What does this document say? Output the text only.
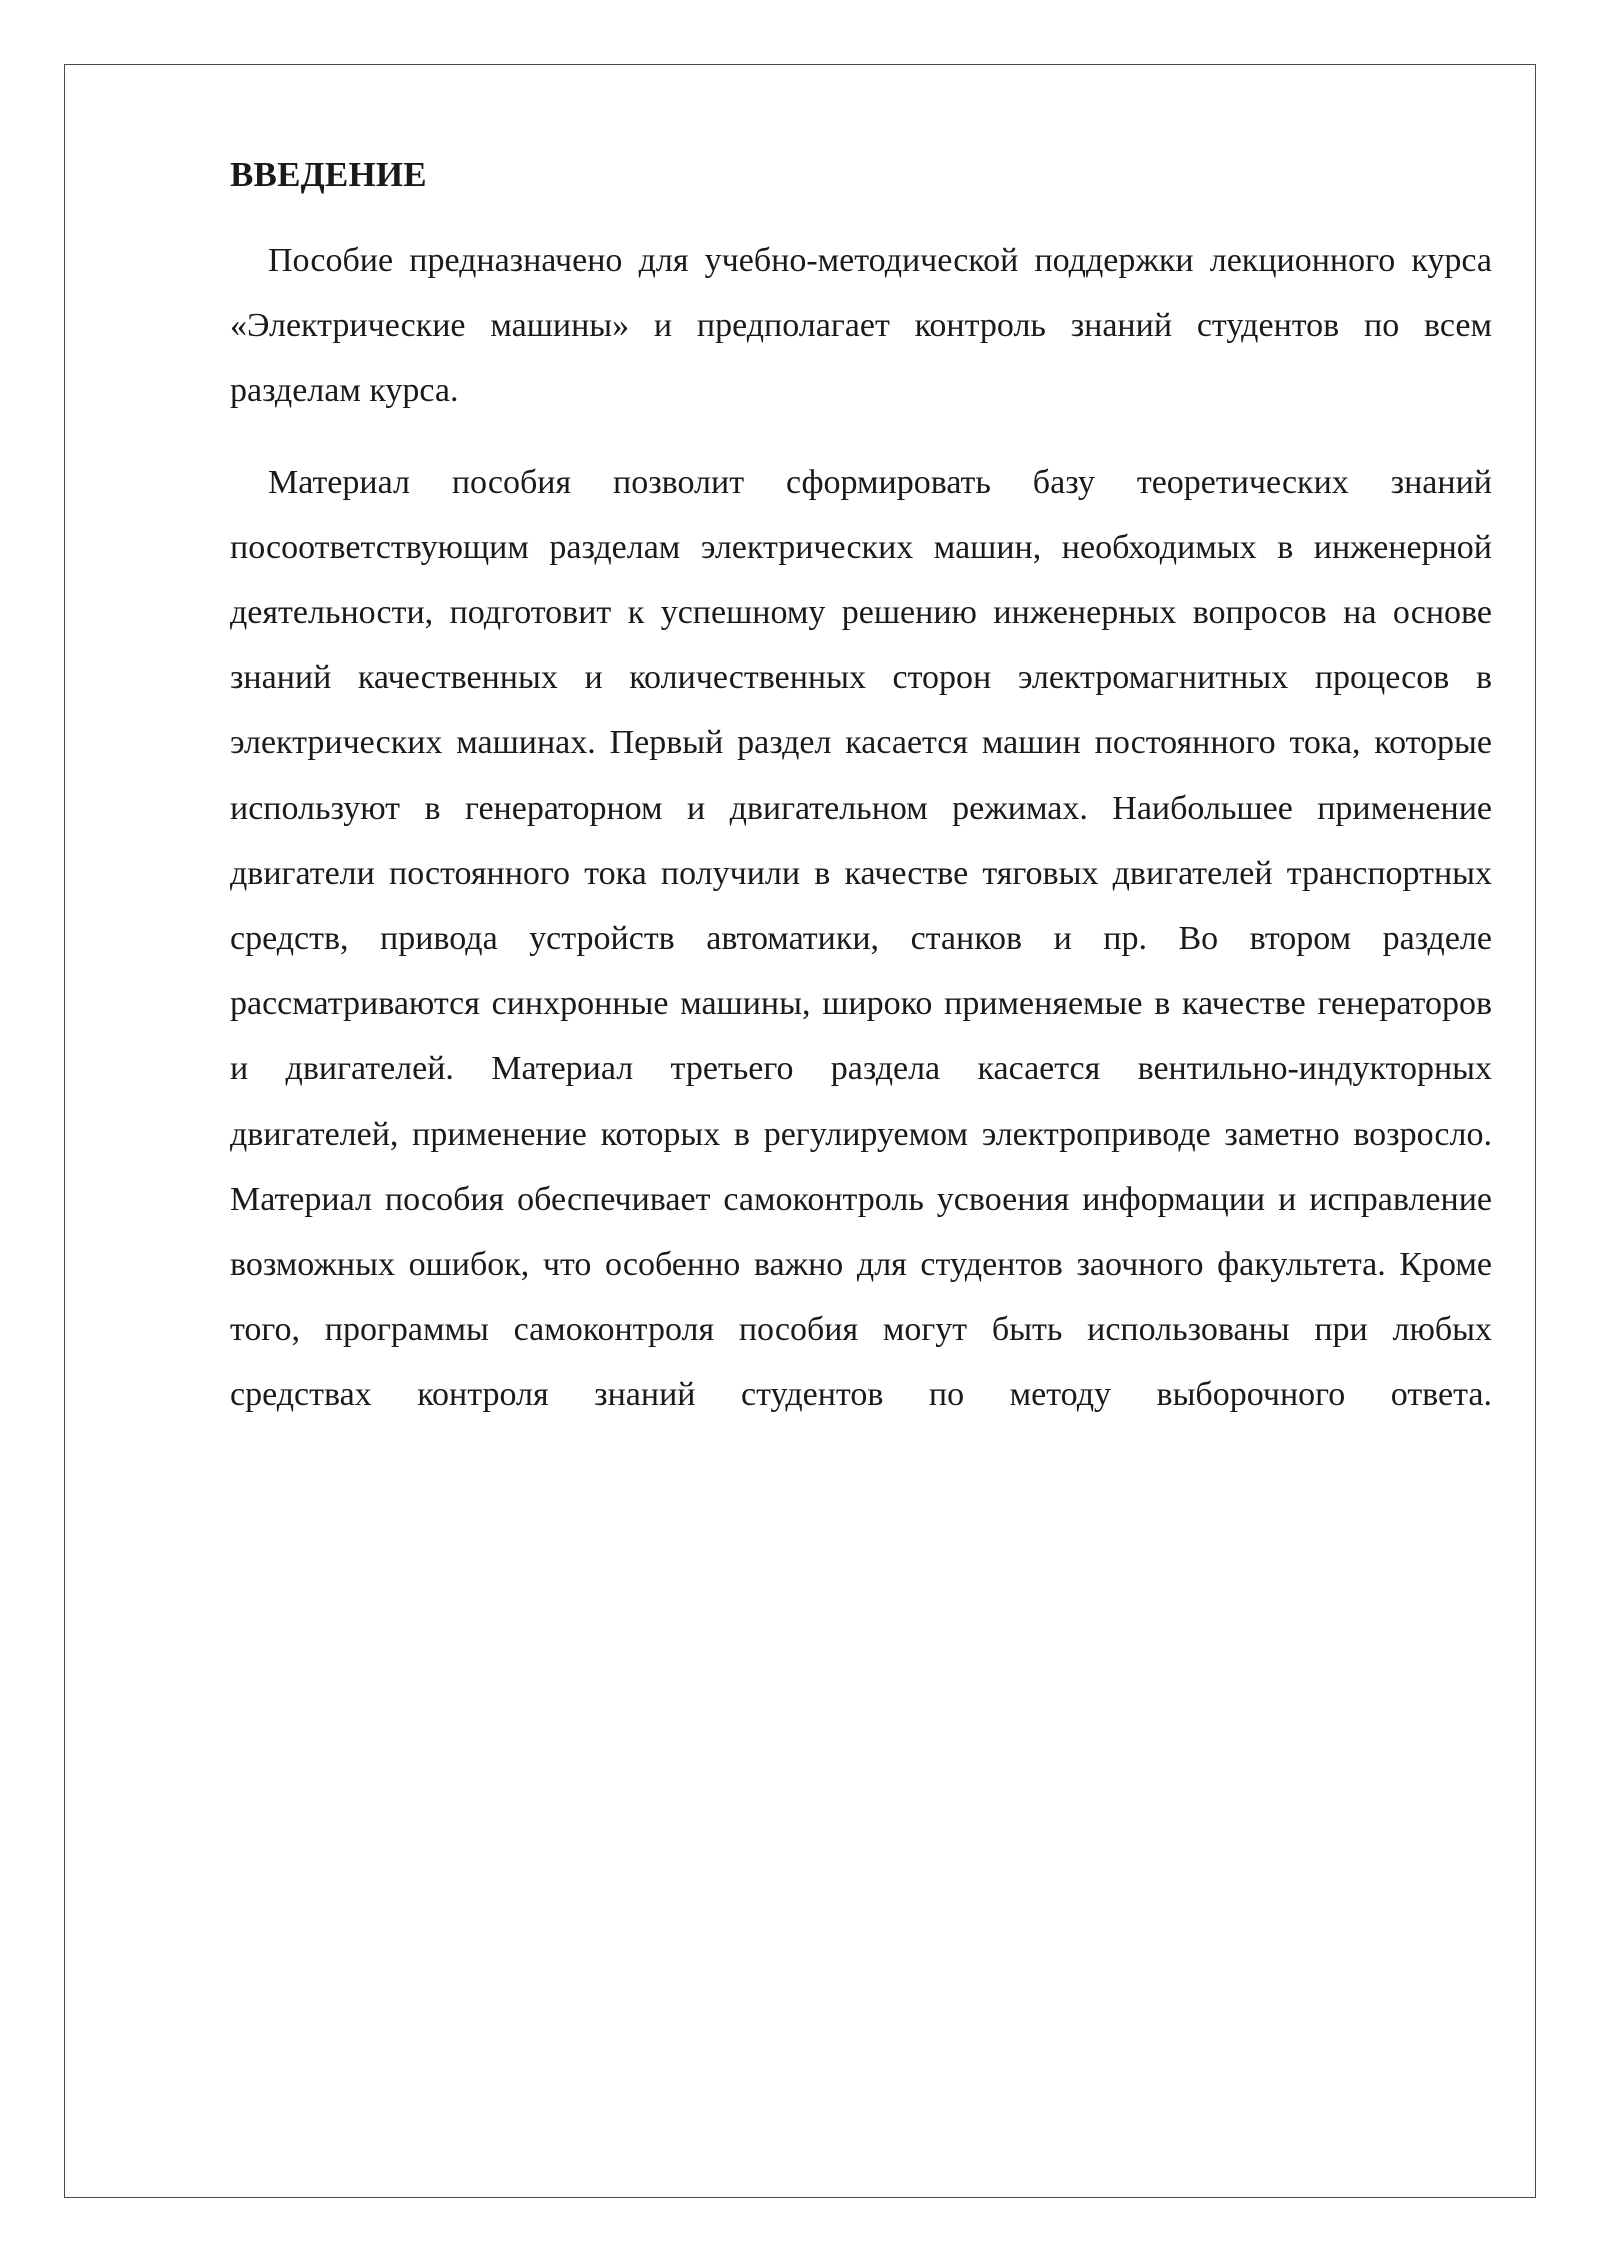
ВВЕДЕНИЕ

Пособие предназначено для учебно-методической поддержки лекционного курса «Электрические машины» и предполагает контроль знаний студентов по всем разделам курса.

Материал пособия позволит сформировать базу теоретических знаний посоответствующим разделам электрических машин, необходимых в инженерной деятельности, подготовит к успешному решению инженерных вопросов на основе знаний качественных и количественных сторон электромагнитных процесов в электрических машинах. Первый раздел касается машин постоянного тока, которые используют в генераторном и двигательном режимах. Наибольшее применение двигатели постоянного тока получили в качестве тяговых двигателей транспортных средств, привода устройств автоматики, станков и пр. Во втором разделе рассматриваются синхронные машины, широко применяемые в качестве генераторов и двигателей. Материал третьего раздела касается вентильно-индукторных двигателей, применение которых в регулируемом электроприводе заметно возросло. Материал пособия обеспечивает самоконтроль усвоения информации и исправление возможных ошибок, что особенно важно для студентов заочного факультета. Кроме того, программы самоконтроля пособия могут быть использованы при любых средствах контроля знаний студентов по методу выборочного ответа.
